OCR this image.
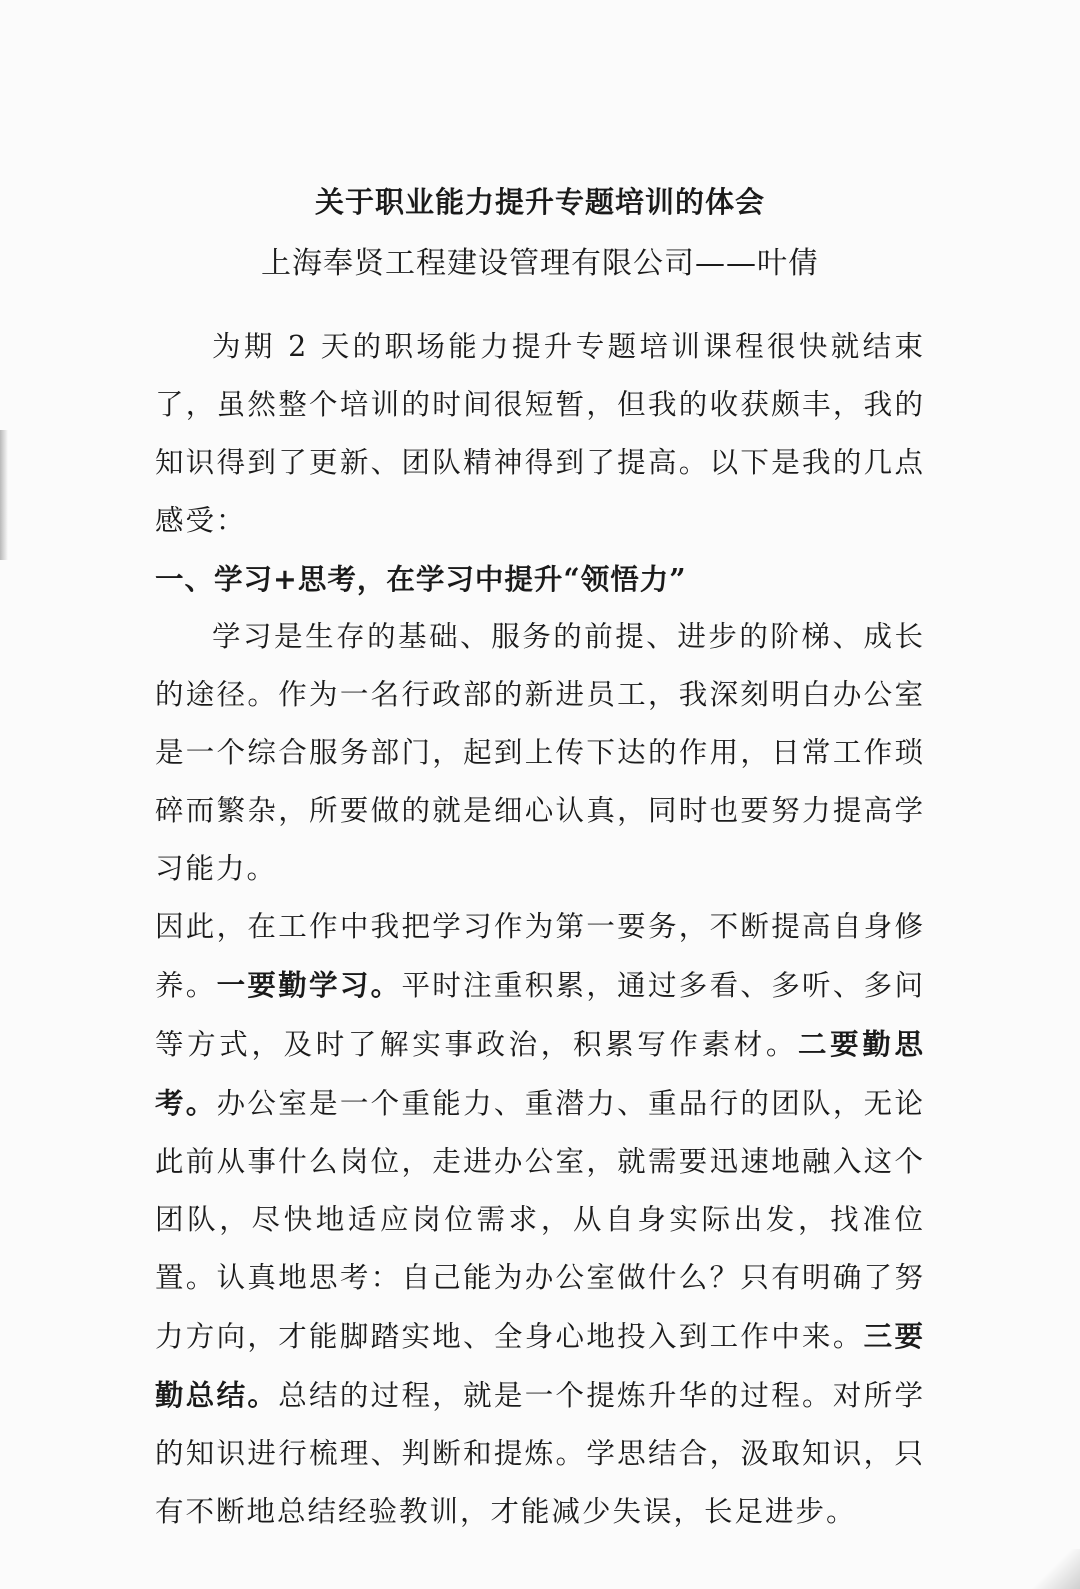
关于职业能力提升专题培训的体会

上海奉贤工程建设管理有限公司——叶倩

为期 2 天的职场能力提升专题培训课程很快就结束了，虽然整个培训的时间很短暂，但我的收获颇丰，我的知识得到了更新、团队精神得到了提高。以下是我的几点感受：

一、学习+思考，在学习中提升“领悟力”

学习是生存的基础、服务的前提、进步的阶梯、成长的途径。作为一名行政部的新进员工，我深刻明白办公室是一个综合服务部门，起到上传下达的作用，日常工作琐碎而繁杂，所要做的就是细心认真，同时也要努力提高学习能力。

因此，在工作中我把学习作为第一要务，不断提高自身修养。一要勤学习。平时注重积累，通过多看、多听、多问等方式，及时了解实事政治，积累写作素材。二要勤思考。办公室是一个重能力、重潜力、重品行的团队，无论此前从事什么岗位，走进办公室，就需要迅速地融入这个团队，尽快地适应岗位需求，从自身实际出发，找准位置。认真地思考：自己能为办公室做什么？只有明确了努力方向，才能脚踏实地、全身心地投入到工作中来。三要勤总结。总结的过程，就是一个提炼升华的过程。对所学的知识进行梳理、判断和提炼。学思结合，汲取知识，只有不断地总结经验教训，才能减少失误，长足进步。
